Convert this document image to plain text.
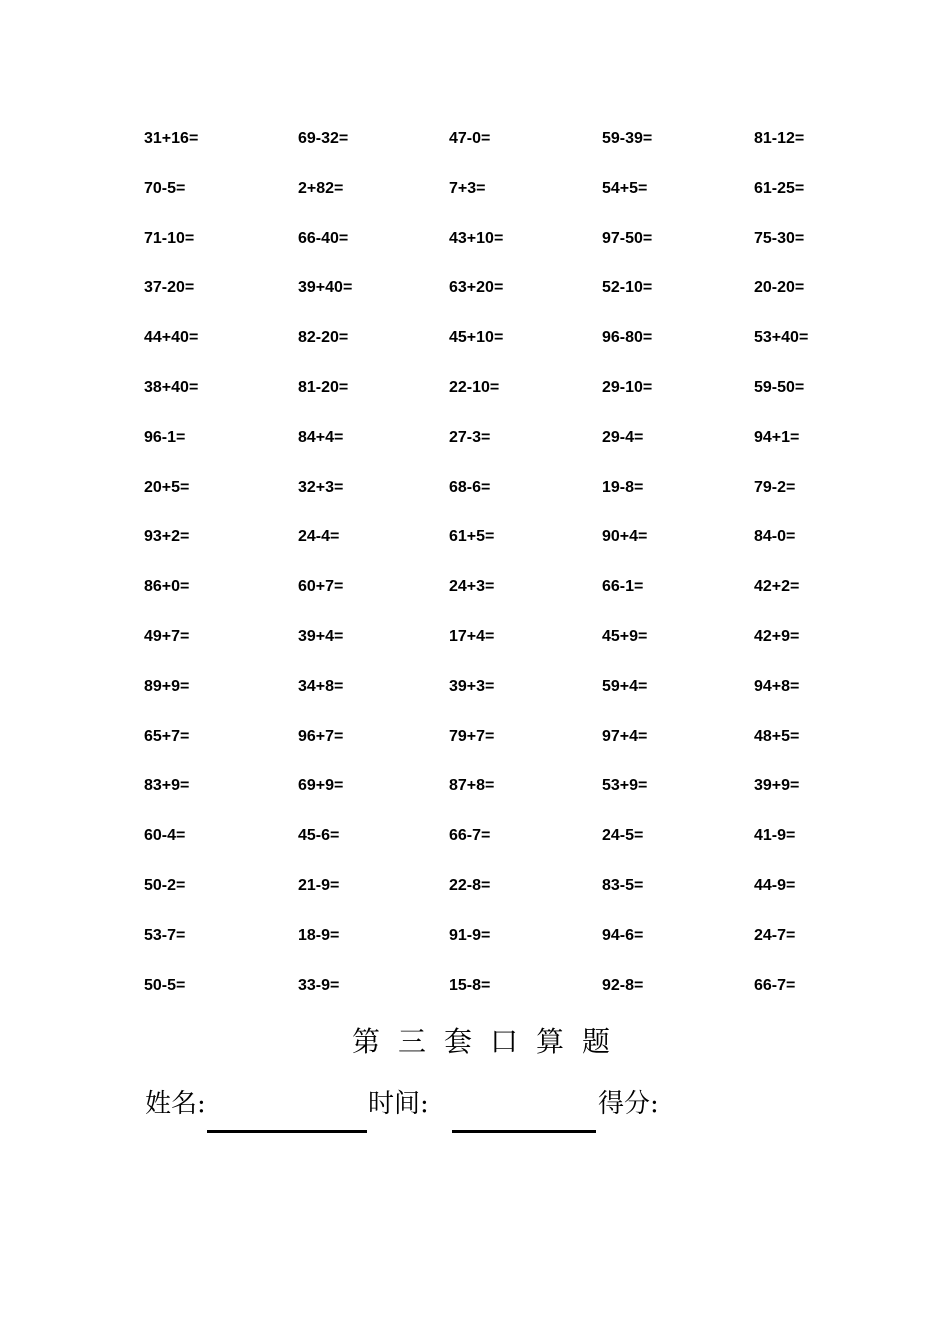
31+16=	69-32=	47-0=	59-39=	81-12=
70-5=	2+82=	7+3=	54+5=	61-25=
71-10=	66-40=	43+10=	97-50=	75-30=
37-20=	39+40=	63+20=	52-10=	20-20=
44+40=	82-20=	45+10=	96-80=	53+40=
38+40=	81-20=	22-10=	29-10=	59-50=
96-1=	84+4=	27-3=	29-4=	94+1=
20+5=	32+3=	68-6=	19-8=	79-2=
93+2=	24-4=	61+5=	90+4=	84-0=
86+0=	60+7=	24+3=	66-1=	42+2=
49+7=	39+4=	17+4=	45+9=	42+9=
89+9=	34+8=	39+3=	59+4=	94+8=
65+7=	96+7=	79+7=	97+4=	48+5=
83+9=	69+9=	87+8=	53+9=	39+9=
60-4=	45-6=	66-7=	24-5=	41-9=
50-2=	21-9=	22-8=	83-5=	44-9=
53-7=	18-9=	91-9=	94-6=	24-7=
50-5=	33-9=	15-8=	92-8=	66-7=
第三套口算题
姓名:	时间:	得分:
